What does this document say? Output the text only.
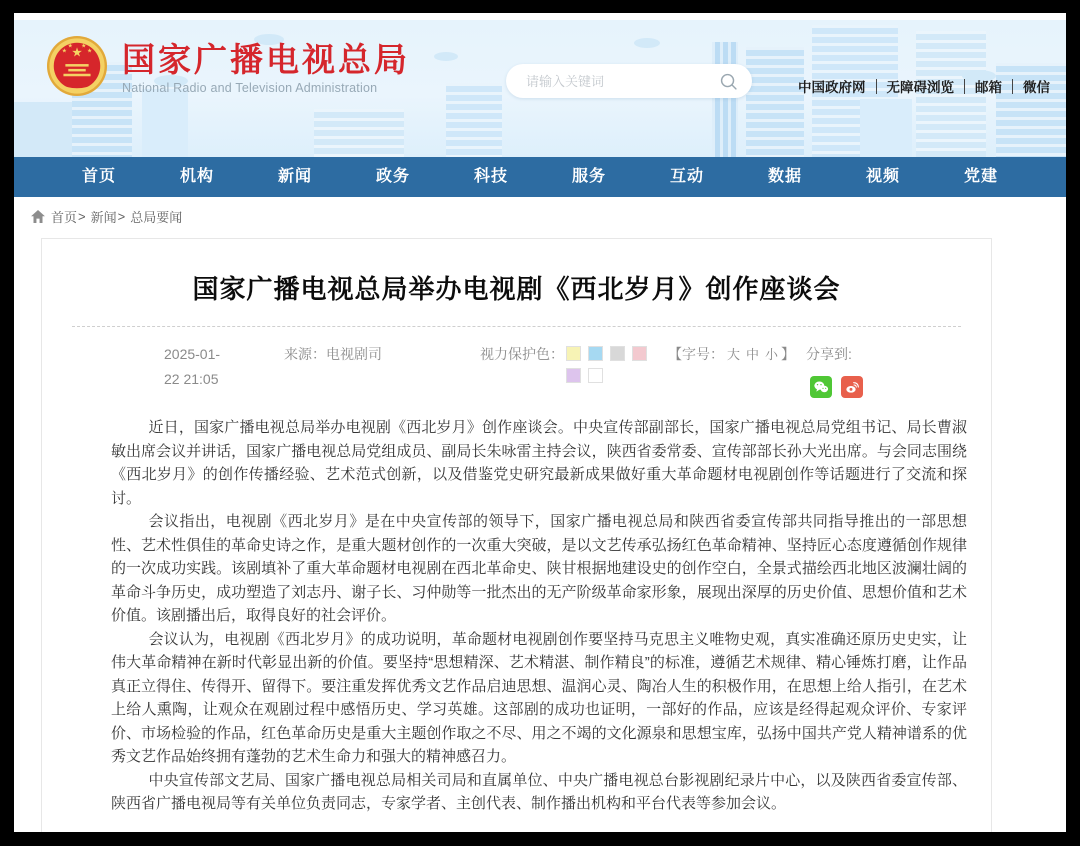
★
★
★ ★
★ 国家广播电视总局
National Radio and Television Administration
请输入关键词	中国政府网 无障碍浏览 邮箱 微信
首页	机构	新闻	政务	科技	服务	互动	数据	视频	党建
首页 > 新闻 > 总局要闻
国家广播电视总局举办电视剧《西北岁月》创作座谈会
2025-01-22 21:05
来源：电视剧司	视力保护色：	【字号： 大 中 小 】 分享到:

近日，国家广播电视总局举办电视剧《西北岁月》创作座谈会。中央宣传部副部长，国家广播电视总局党组书记、局长曹淑敏出席会议并讲话，国家广播电视总局党组成员、副局长朱咏雷主持会议，陕西省委常委、宣传部部长孙大光出席。与会同志围绕《西北岁月》的创作传播经验、艺术范式创新，以及借鉴党史研究最新成果做好重大革命题材电视剧创作等话题进行了交流和探讨。

会议指出，电视剧《西北岁月》是在中央宣传部的领导下，国家广播电视总局和陕西省委宣传部共同指导推出的一部思想性、艺术性俱佳的革命史诗之作，是重大题材创作的一次重大突破，是以文艺传承弘扬红色革命精神、坚持匠心态度遵循创作规律的一次成功实践。该剧填补了重大革命题材电视剧在西北革命史、陕甘根据地建设史的创作空白，全景式描绘西北地区波澜壮阔的革命斗争历史，成功塑造了刘志丹、谢子长、习仲勋等一批杰出的无产阶级革命家形象，展现出深厚的历史价值、思想价值和艺术价值。该剧播出后，取得良好的社会评价。

会议认为，电视剧《西北岁月》的成功说明，革命题材电视剧创作要坚持马克思主义唯物史观，真实准确还原历史史实，让伟大革命精神在新时代彰显出新的价值。要坚持“思想精深、艺术精湛、制作精良”的标准，遵循艺术规律、精心锤炼打磨，让作品真正立得住、传得开、留得下。要注重发挥优秀文艺作品启迪思想、温润心灵、陶冶人生的积极作用，在思想上给人指引，在艺术上给人熏陶，让观众在观剧过程中感悟历史、学习英雄。这部剧的成功也证明，一部好的作品，应该是经得起观众评价、专家评价、市场检验的作品，红色革命历史是重大主题创作取之不尽、用之不竭的文化源泉和思想宝库，弘扬中国共产党人精神谱系的优秀文艺作品始终拥有蓬勃的艺术生命力和强大的精神感召力。

中央宣传部文艺局、国家广播电视总局相关司局和直属单位、中央广播电视总台影视剧纪录片中心，以及陕西省委宣传部、陕西省广播电视局等有关单位负责同志，专家学者、主创代表、制作播出机构和平台代表等参加会议。
